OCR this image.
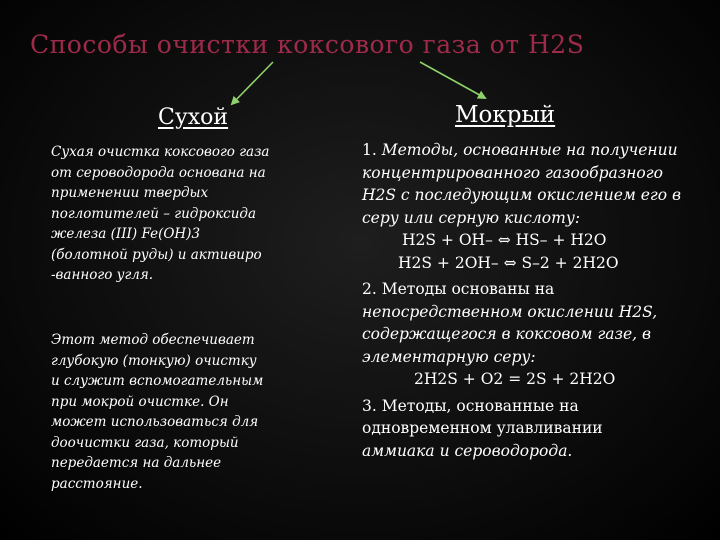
Способы очистки коксового газа от H2S
Сухой	Мокрый
Сухая очистка коксового газа
от сероводорода основана на
применении твердых
поглотителей – гидроксида
железа (III) Fe(OH)3
(болотной руды) и активиро
-ванного угля.
Этот метод обеспечивает
глубокую (тонкую) очистку
и служит вспомогательным
при мокрой очистке. Он
может использоваться для
доочистки газа, который
передается на дальнее
расстояние.
1. Методы, основанные на получении
концентрированного газообразного
H2S с последующим окислением его в
серу или серную кислоту:
H2S + OH– ⇔ HS– + H2O
H2S + 2OH– ⇔ S–2 + 2H2O
2. Методы основаны на
непосредственном окислении H2S,
содержащегося в коксовом газе, в
элементарную серу:
2H2S + O2 = 2S + 2H2O
3. Методы, основанные на
одновременном улавливании
аммиака и сероводорода.
